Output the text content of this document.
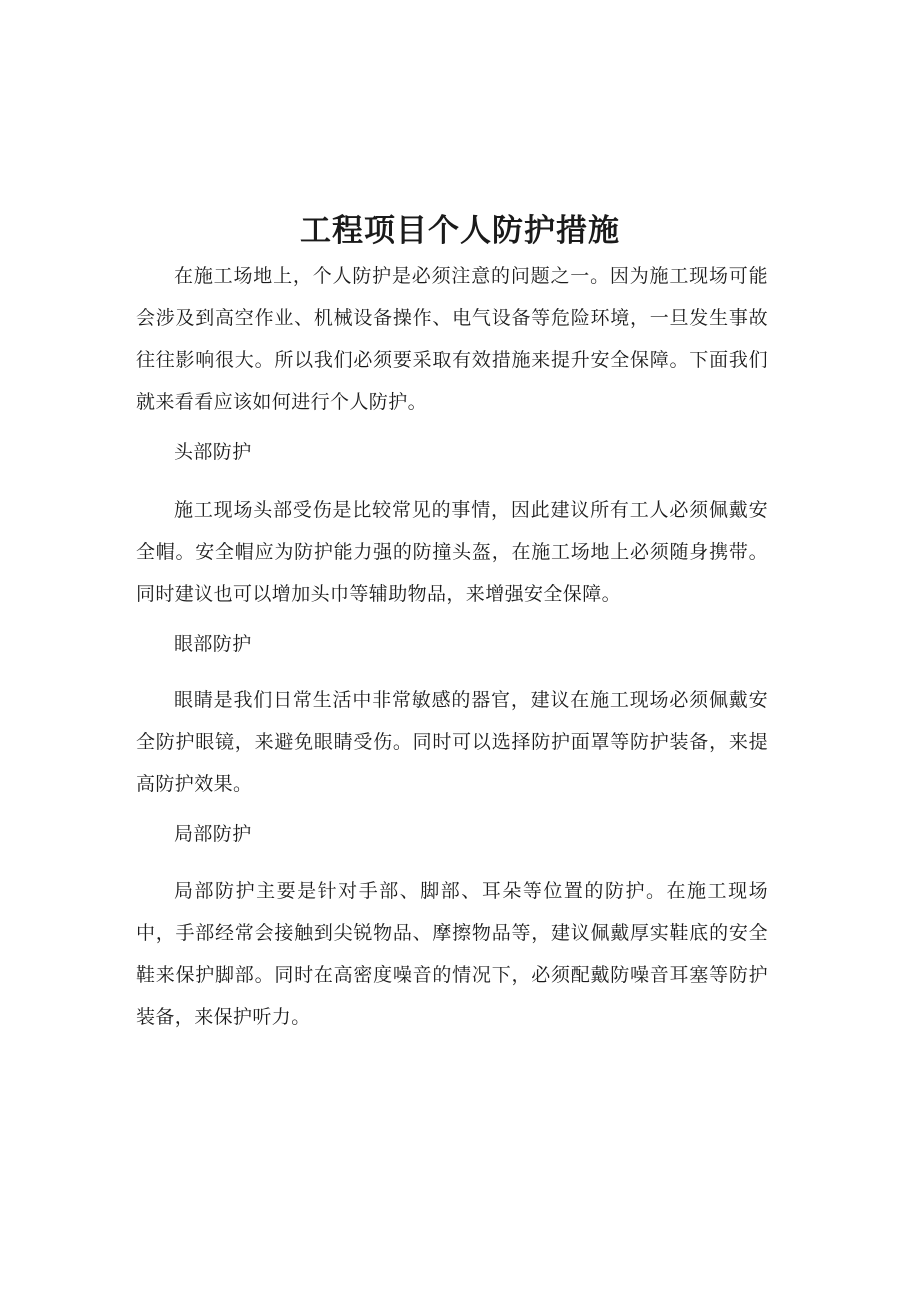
工程项目个人防护措施

在施工场地上，个人防护是必须注意的问题之一。因为施工现场可能会涉及到高空作业、机械设备操作、电气设备等危险环境，一旦发生事故往往影响很大。所以我们必须要采取有效措施来提升安全保障。下面我们就来看看应该如何进行个人防护。

头部防护

施工现场头部受伤是比较常见的事情，因此建议所有工人必须佩戴安全帽。安全帽应为防护能力强的防撞头盔，在施工场地上必须随身携带。同时建议也可以增加头巾等辅助物品，来增强安全保障。

眼部防护

眼睛是我们日常生活中非常敏感的器官，建议在施工现场必须佩戴安全防护眼镜，来避免眼睛受伤。同时可以选择防护面罩等防护装备，来提高防护效果。

局部防护

局部防护主要是针对手部、脚部、耳朵等位置的防护。在施工现场中，手部经常会接触到尖锐物品、摩擦物品等，建议佩戴厚实鞋底的安全鞋来保护脚部。同时在高密度噪音的情况下，必须配戴防噪音耳塞等防护装备，来保护听力。
